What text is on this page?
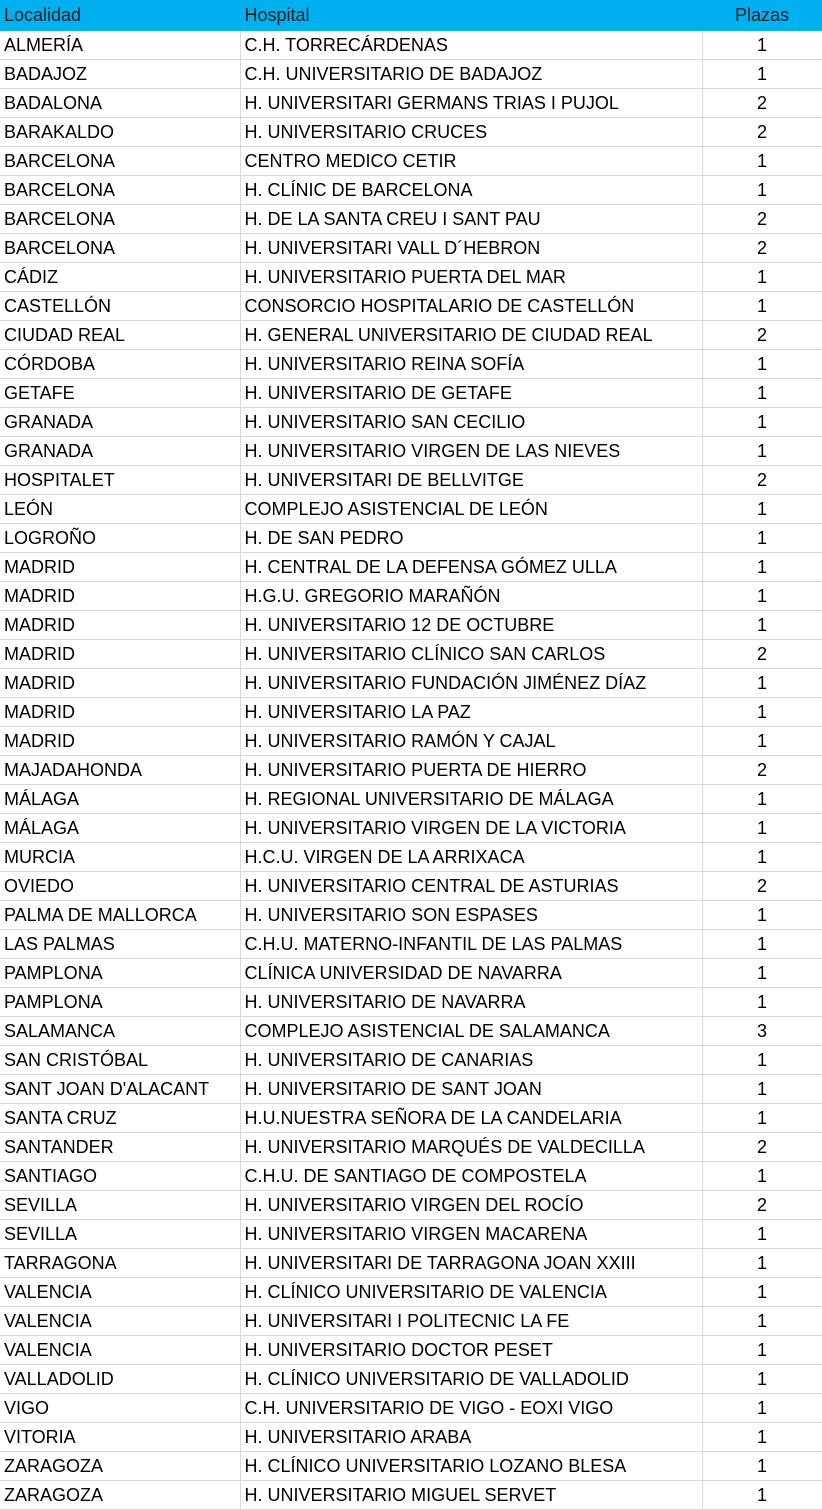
Localidad	Hospital	Plazas
ALMERÍA	C.H. TORRECÁRDENAS	1
BADAJOZ	C.H. UNIVERSITARIO DE BADAJOZ	1
BADALONA	H. UNIVERSITARI GERMANS TRIAS I PUJOL	2
BARAKALDO	H. UNIVERSITARIO CRUCES	2
BARCELONA	CENTRO MEDICO CETIR	1
BARCELONA	H. CLÍNIC DE BARCELONA	1
BARCELONA	H. DE LA SANTA CREU I SANT PAU	2
BARCELONA	H. UNIVERSITARI VALL D´HEBRON	2
CÁDIZ	H. UNIVERSITARIO PUERTA DEL MAR	1
CASTELLÓN	CONSORCIO HOSPITALARIO DE CASTELLÓN	1
CIUDAD REAL	H. GENERAL UNIVERSITARIO DE CIUDAD REAL	2
CÓRDOBA	H. UNIVERSITARIO REINA SOFÍA	1
GETAFE	H. UNIVERSITARIO DE GETAFE	1
GRANADA	H. UNIVERSITARIO SAN CECILIO	1
GRANADA	H. UNIVERSITARIO VIRGEN DE LAS NIEVES	1
HOSPITALET	H. UNIVERSITARI DE BELLVITGE	2
LEÓN	COMPLEJO ASISTENCIAL DE LEÓN	1
LOGROÑO	H. DE SAN PEDRO	1
MADRID	H. CENTRAL DE LA DEFENSA GÓMEZ ULLA	1
MADRID	H.G.U. GREGORIO MARAÑÓN	1
MADRID	H. UNIVERSITARIO 12 DE OCTUBRE	1
MADRID	H. UNIVERSITARIO CLÍNICO SAN CARLOS	2
MADRID	H. UNIVERSITARIO FUNDACIÓN JIMÉNEZ DÍAZ	1
MADRID	H. UNIVERSITARIO LA PAZ	1
MADRID	H. UNIVERSITARIO RAMÓN Y CAJAL	1
MAJADAHONDA	H. UNIVERSITARIO PUERTA DE HIERRO	2
MÁLAGA	H. REGIONAL UNIVERSITARIO DE MÁLAGA	1
MÁLAGA	H. UNIVERSITARIO VIRGEN DE LA VICTORIA	1
MURCIA	H.C.U. VIRGEN DE LA ARRIXACA	1
OVIEDO	H. UNIVERSITARIO CENTRAL DE ASTURIAS	2
PALMA DE MALLORCA	H. UNIVERSITARIO SON ESPASES	1
LAS PALMAS	C.H.U. MATERNO-INFANTIL DE LAS PALMAS	1
PAMPLONA	CLÍNICA UNIVERSIDAD DE NAVARRA	1
PAMPLONA	H. UNIVERSITARIO DE NAVARRA	1
SALAMANCA	COMPLEJO ASISTENCIAL DE SALAMANCA	3
SAN CRISTÓBAL	H. UNIVERSITARIO DE CANARIAS	1
SANT JOAN D'ALACANT	H. UNIVERSITARIO DE SANT JOAN	1
SANTA CRUZ	H.U.NUESTRA SEÑORA DE LA CANDELARIA	1
SANTANDER	H. UNIVERSITARIO MARQUÉS DE VALDECILLA	2
SANTIAGO	C.H.U. DE SANTIAGO DE COMPOSTELA	1
SEVILLA	H. UNIVERSITARIO VIRGEN DEL ROCÍO	2
SEVILLA	H. UNIVERSITARIO VIRGEN MACARENA	1
TARRAGONA	H. UNIVERSITARI DE TARRAGONA JOAN XXIII	1
VALENCIA	H. CLÍNICO UNIVERSITARIO DE VALENCIA	1
VALENCIA	H. UNIVERSITARI I POLITECNIC LA FE	1
VALENCIA	H. UNIVERSITARIO DOCTOR PESET	1
VALLADOLID	H. CLÍNICO UNIVERSITARIO DE VALLADOLID	1
VIGO	C.H. UNIVERSITARIO DE VIGO - EOXI VIGO	1
VITORIA	H. UNIVERSITARIO ARABA	1
ZARAGOZA	H. CLÍNICO UNIVERSITARIO LOZANO BLESA	1
ZARAGOZA	H. UNIVERSITARIO MIGUEL SERVET	1
